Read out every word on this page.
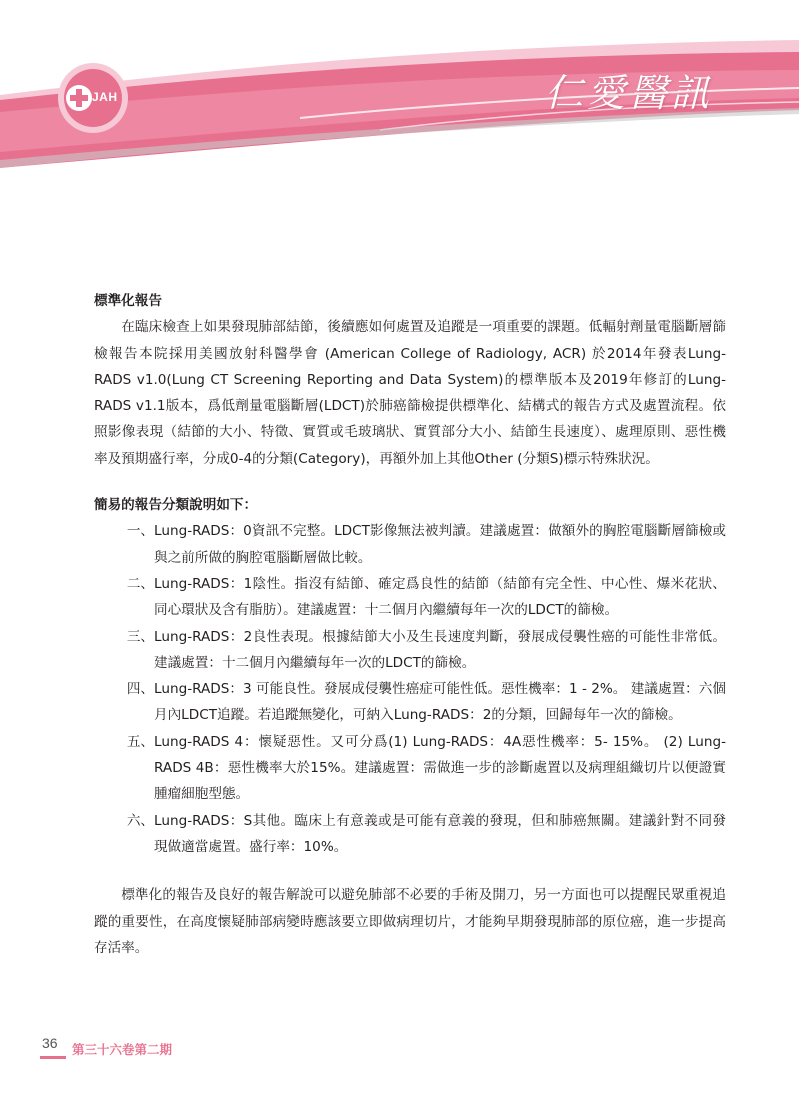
JAH	仁愛醫訊

標準化報告

在臨床檢查上如果發現肺部結節，後續應如何處置及追蹤是一項重要的課題。低輻射劑量電腦斷層篩檢報告本院採用美國放射科醫學會 (American College of Radiology, ACR) 於2014年發表Lung-RADS v1.0(Lung CT Screening Reporting and Data System)的標準版本及2019年修訂的Lung-RADS v1.1版本，爲低劑量電腦斷層(LDCT)於肺癌篩檢提供標準化、結構式的報告方式及處置流程。依照影像表現（結節的大小、特徵、實質或毛玻璃狀、實質部分大小、結節生長速度）、處理原則、惡性機率及預期盛行率，分成0-4的分類(Category)，再額外加上其他Other (分類S)標示特殊狀況。

簡易的報告分類說明如下：

一、 Lung-RADS：0資訊不完整。LDCT影像無法被判讀。建議處置：做額外的胸腔電腦斷層篩檢或與之前所做的胸腔電腦斷層做比較。
二、 Lung-RADS：1陰性。指沒有結節、確定爲良性的結節（結節有完全性、中心性、爆米花狀、同心環狀及含有脂肪）。建議處置：十二個月內繼續每年一次的LDCT的篩檢。
三、 Lung-RADS：2良性表現。根據結節大小及生長速度判斷，發展成侵襲性癌的可能性非常低。建議處置：十二個月內繼續每年一次的LDCT的篩檢。
四、 Lung-RADS：3 可能良性。發展成侵襲性癌症可能性低。惡性機率：1 - 2%。 建議處置：六個月內LDCT追蹤。若追蹤無變化，可納入Lung-RADS：2的分類，回歸每年一次的篩檢。
五、 Lung-RADS 4：懷疑惡性。又可分爲(1) Lung-RADS：4A惡性機率：5- 15%。 (2) Lung-RADS 4B：惡性機率大於15%。建議處置：需做進一步的診斷處置以及病理組織切片以便證實腫瘤細胞型態。
六、 Lung-RADS：S其他。臨床上有意義或是可能有意義的發現，但和肺癌無關。建議針對不同發現做適當處置。盛行率：10%。

標準化的報告及良好的報告解說可以避免肺部不必要的手術及開刀，另一方面也可以提醒民眾重視追蹤的重要性，在高度懷疑肺部病變時應該要立即做病理切片，才能夠早期發現肺部的原位癌，進一步提高存活率。

36 第三十六卷第二期
